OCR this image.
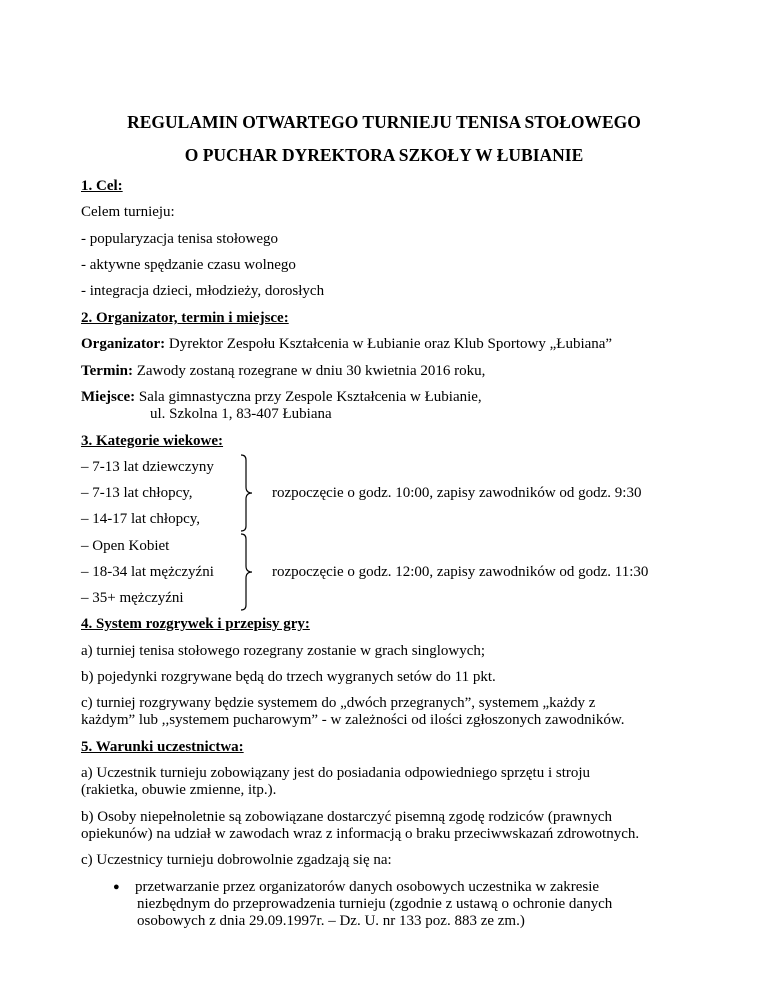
REGULAMIN OTWARTEGO TURNIEJU TENISA STOŁOWEGO
O PUCHAR DYREKTORA SZKOŁY W ŁUBIANIE
1. Cel:
Celem turnieju:
- popularyzacja tenisa stołowego
- aktywne spędzanie czasu wolnego
- integracja dzieci, młodzieży, dorosłych
2. Organizator, termin i miejsce:
Organizator: Dyrektor Zespołu Kształcenia w Łubianie oraz Klub Sportowy „Łubiana”
Termin: Zawody zostaną rozegrane w dniu 30 kwietnia 2016 roku,
Miejsce: Sala gimnastyczna przy Zespole Kształcenia w Łubianie,
ul. Szkolna 1, 83-407 Łubiana
3. Kategorie wiekowe:
– 7-13 lat dziewczyny
– 7-13 lat chłopcy,
– 14-17 lat chłopcy,
rozpoczęcie o godz. 10:00, zapisy zawodników od godz. 9:30
– Open Kobiet
– 18-34 lat mężczyźni
– 35+ mężczyźni
rozpoczęcie o godz. 12:00, zapisy zawodników od godz. 11:30
4. System rozgrywek i przepisy gry:
a) turniej tenisa stołowego rozegrany zostanie w grach singlowych;
b) pojedynki rozgrywane będą do trzech wygranych setów do 11 pkt.
c) turniej rozgrywany będzie systemem do „dwóch przegranych”, systemem „każdy z
każdym” lub ,,systemem pucharowym” - w zależności od ilości zgłoszonych zawodników.
5. Warunki uczestnictwa:
a) Uczestnik turnieju zobowiązany jest do posiadania odpowiedniego sprzętu i stroju
(rakietka, obuwie zmienne, itp.).
b) Osoby niepełnoletnie są zobowiązane dostarczyć pisemną zgodę rodziców (prawnych
opiekunów) na udział w zawodach wraz z informacją o braku przeciwwskazań zdrowotnych.
c) Uczestnicy turnieju dobrowolnie zgadzają się na:
● przetwarzanie przez organizatorów danych osobowych uczestnika w zakresie
niezbędnym do przeprowadzenia turnieju (zgodnie z ustawą o ochronie danych
osobowych z dnia 29.09.1997r. – Dz. U. nr 133 poz. 883 ze zm.)
